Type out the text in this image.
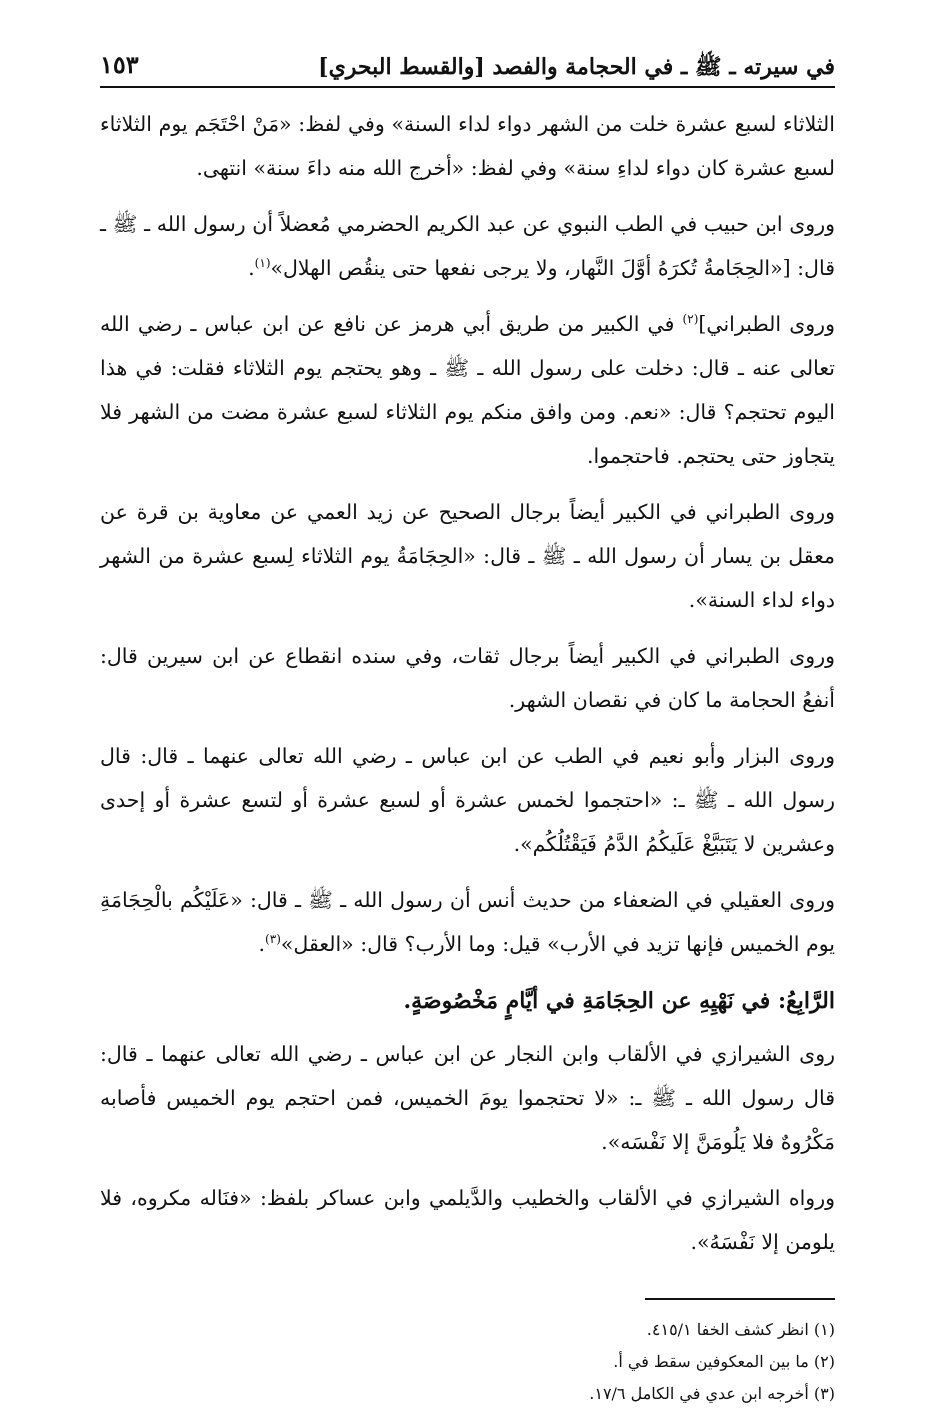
في سيرته ـ ﷺ ـ في الحجامة والفصد [والقسط البحري]
١٥٣

الثلاثاء لسبع عشرة خلت من الشهر دواء لداء السنة» وفي لفظ: «مَنْ احْتَجَم يوم الثلاثاء لسبع عشرة كان دواء لداءِ سنة» وفي لفظ: «أخرج الله منه داءَ سنة» انتهى.

وروى ابن حبيب في الطب النبوي عن عبد الكريم الحضرمي مُعضلاً أن رسول الله ـ ﷺ ـ قال: [«الحِجَامةُ تُكرَهُ أوَّلَ النَّهار، ولا يرجى نفعها حتى ينقُص الهلال»$^{(١)}$.

وروى الطبراني]$^{(٢)}$ في الكبير من طريق أبي هرمز عن نافع عن ابن عباس ـ رضي الله تعالى عنه ـ قال: دخلت على رسول الله ـ ﷺ ـ وهو يحتجم يوم الثلاثاء فقلت: في هذا اليوم تحتجم؟ قال: «نعم. ومن وافق منكم يوم الثلاثاء لسبع عشرة مضت من الشهر فلا يتجاوز حتى يحتجم. فاحتجموا.

وروى الطبراني في الكبير أيضاً برجال الصحيح عن زيد العمي عن معاوية بن قرة عن معقل بن يسار أن رسول الله ـ ﷺ ـ قال: «الحِجَامَةُ يوم الثلاثاء لِسبع عشرة من الشهر دواء لداء السنة».

وروى الطبراني في الكبير أيضاً برجال ثقات، وفي سنده انقطاع عن ابن سيرين قال: أنفعُ الحجامة ما كان في نقصان الشهر.

وروى البزار وأبو نعيم في الطب عن ابن عباس ـ رضي الله تعالى عنهما ـ قال: قال رسول الله ـ ﷺ ـ: «احتجموا لخمس عشرة أو لسبع عشرة أو لتسع عشرة أو إحدى وعشرين لا يَتَبَيَّغْ عَلَيكُمُ الدَّمُ فَيَقْتُلُكُم».

وروى العقيلي في الضعفاء من حديث أنس أن رسول الله ـ ﷺ ـ قال: «عَلَيْكُم بالْحِجَامَةِ يوم الخميس فإنها تزيد في الأرب» قيل: وما الأرب؟ قال: «العقل»$^{(٣)}$.

الرَّابِعُ: في نَهْيِهِ عن الحِجَامَةِ في أيَّامٍ مَخْصُوصَةٍ.

روى الشيرازي في الألقاب وابن النجار عن ابن عباس ـ رضي الله تعالى عنهما ـ قال: قال رسول الله ـ ﷺ ـ: «لا تحتجموا يومَ الخميس، فمن احتجم يوم الخميس فأصابه مَكْرُوهٌ فلا يَلُومَنَّ إلا نَفْسَه».

ورواه الشيرازي في الألقاب والخطيب والدَّيلمي وابن عساكر بلفظ: «فنَاله مكروه، فلا يلومن إلا نَفْسَهُ».

(١) انظر كشف الخفا ٤١٥/١.

(٢) ما بين المعكوفين سقط في أ.

(٣) أخرجه ابن عدي في الكامل ١٧/٦.
